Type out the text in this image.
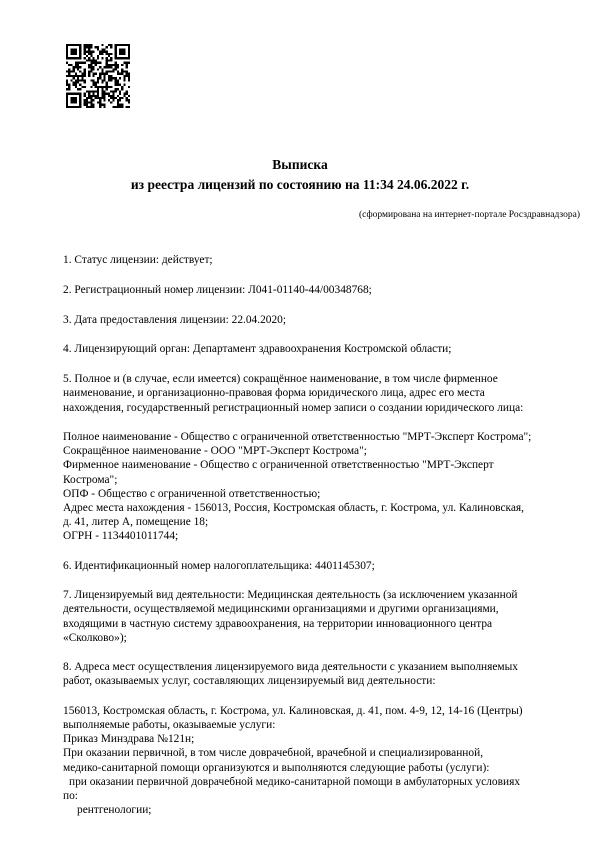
Выписка
из реестра лицензий по состоянию на 11:34 24.06.2022 г.
(сформирована на интернет-портале Росздравнадзора)

1. Статус лицензии: действует;

2. Регистрационный номер лицензии: Л041-01140-44/00348768;

3. Дата предоставления лицензии: 22.04.2020;

4. Лицензирующий орган: Департамент здравоохранения Костромской области;

5. Полное и (в случае, если имеется) сокращённое наименование, в том числе фирменное

наименование, и организационно-правовая форма юридического лица, адрес его места

нахождения, государственный регистрационный номер записи о создании юридического лица:

Полное наименование - Общество с ограниченной ответственностью "МРТ-Эксперт Кострома";

Сокращённое наименование - ООО "МРТ-Эксперт Кострома";

Фирменное наименование - Общество с ограниченной ответственностью "МРТ-Эксперт

Кострома";

ОПФ - Общество с ограниченной ответственностью;

Адрес места нахождения - 156013, Россия, Костромская область, г. Кострома, ул. Калиновская,

д. 41, литер А, помещение 18;

ОГРН - 1134401011744;

6. Идентификационный номер налогоплательщика: 4401145307;

7. Лицензируемый вид деятельности: Медицинская деятельность (за исключением указанной

деятельности, осуществляемой медицинскими организациями и другими организациями,

входящими в частную систему здравоохранения, на территории инновационного центра

«Сколково»);

8. Адреса мест осуществления лицензируемого вида деятельности с указанием выполняемых

работ, оказываемых услуг, составляющих лицензируемый вид деятельности:

156013, Костромская область, г. Кострома, ул. Калиновская, д. 41, пом. 4-9, 12, 14-16 (Центры)

выполняемые работы, оказываемые услуги:

Приказ Минздрава №121н;

При оказании первичной, в том числе доврачебной, врачебной и специализированной,

медико-санитарной помощи организуются и выполняются следующие работы (услуги):

при оказании первичной доврачебной медико-санитарной помощи в амбулаторных условиях

по:

рентгенологии;
